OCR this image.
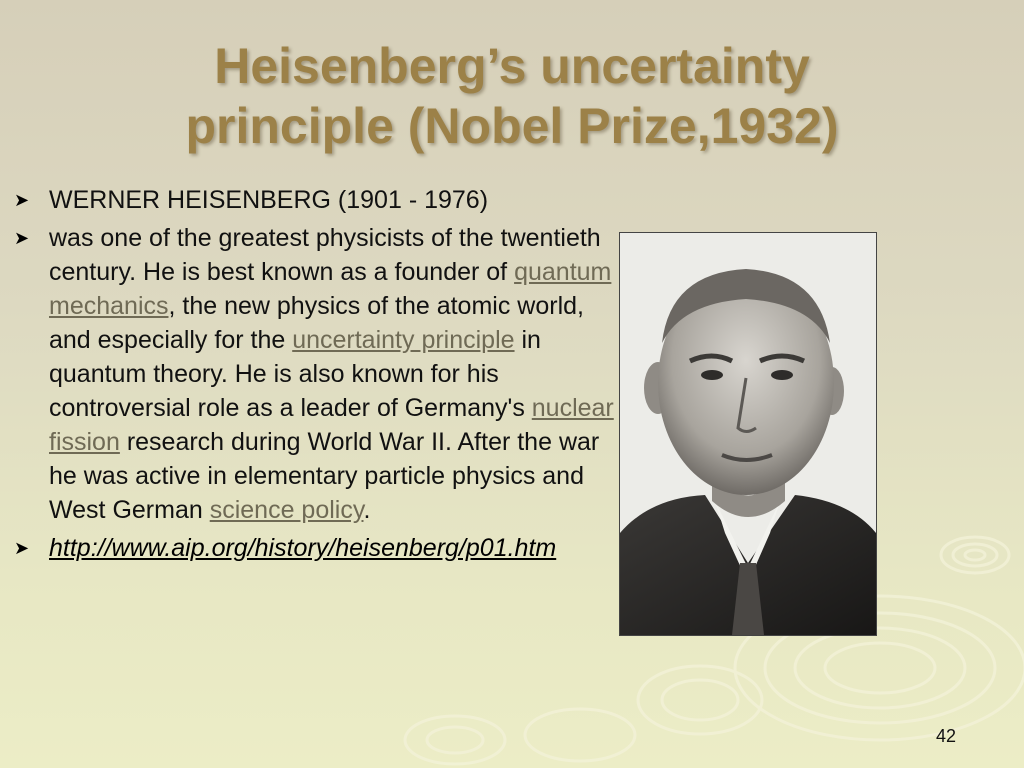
Heisenberg’s uncertainty
principle (Nobel Prize,1932)
➤ WERNER HEISENBERG (1901 - 1976)
➤ was one of the greatest physicists of the twentieth century. He is best known as a founder of quantum mechanics, the new physics of the atomic world, and especially for the uncertainty principle in quantum theory. He is also known for his controversial role as a leader of Germany's nuclear fission research during World War II. After the war he was active in elementary particle physics and West German science policy.
➤ http://www.aip.org/history/heisenberg/p01.htm
42
